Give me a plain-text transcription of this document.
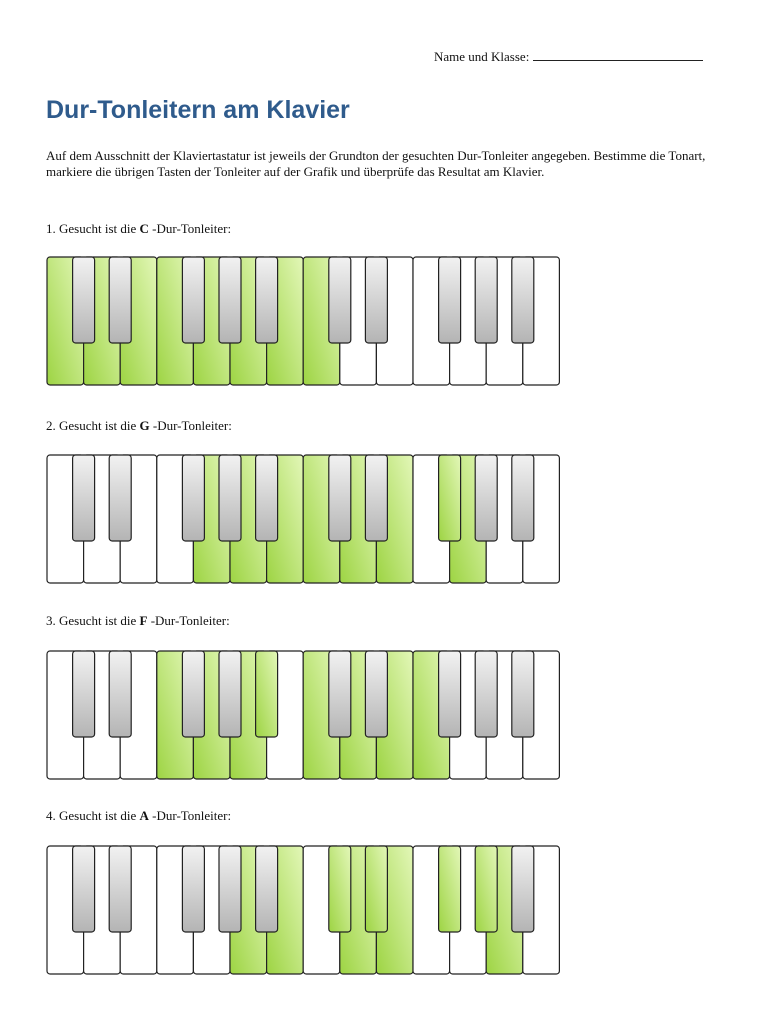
Name und Klasse:
Dur-Tonleitern am Klavier

Auf dem Ausschnitt der Klaviertastatur ist jeweils der Grundton der gesuchten Dur-Tonleiter angegeben. Bestimme die Tonart, markiere die übrigen Tasten der Tonleiter auf der Grafik und überprüfe das Resultat am Klavier.

1. Gesucht ist die C -Dur-Tonleiter:
2. Gesucht ist die G -Dur-Tonleiter:
3. Gesucht ist die F -Dur-Tonleiter:
4. Gesucht ist die A -Dur-Tonleiter:
